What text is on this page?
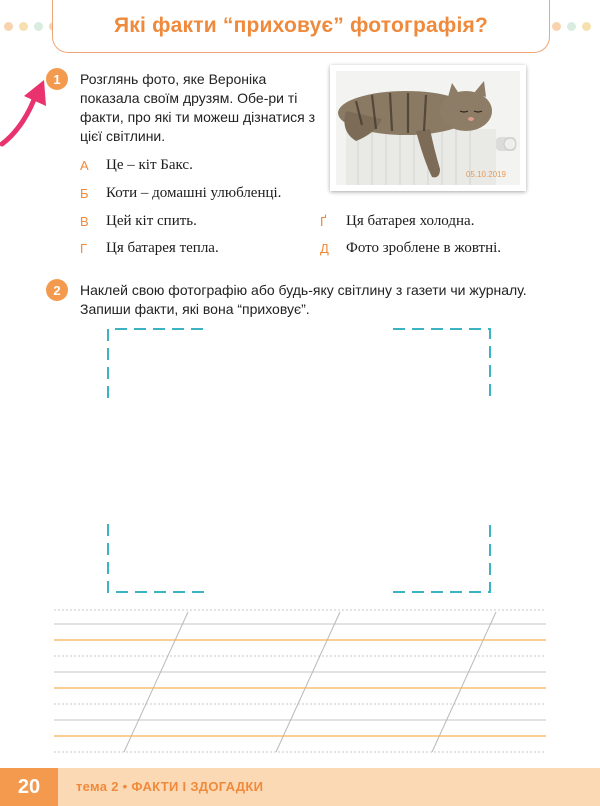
Які факти “приховує” фотографія?
1	Розглянь фото, яке Вероніка показала своїм друзям. Обе-ри ті факти, про які ти можеш дізнатися з цієї світлини.
05.10.2019
А	Це – кіт Бакс.
Б	Коти – домашні улюбленці.
В	Цей кіт спить.
Г	Ця батарея тепла.
Ґ	Ця батарея холодна.
Д	Фото зроблене в жовтні.
2	Наклей свою фотографію або будь-яку світлину з газети чи журналу. Запиши факти, які вона “приховує”.
20	тема 2 • ФАКТИ І ЗДОГАДКИ
